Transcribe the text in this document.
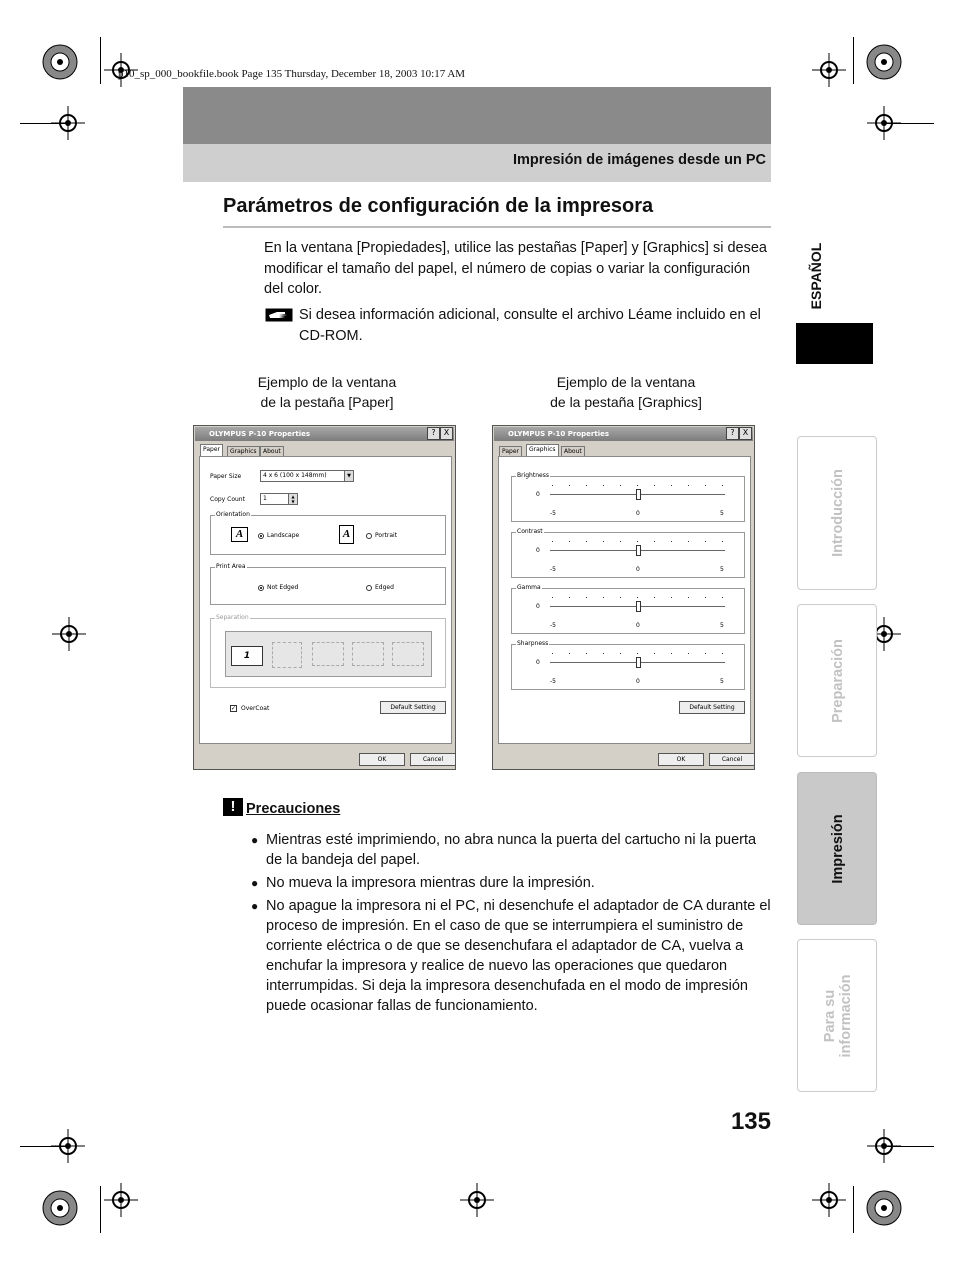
p10_sp_000_bookfile.book Page 135 Thursday, December 18, 2003 10:17 AM
Impresión de imágenes desde un PC
Parámetros de configuración de la impresora
En la ventana [Propiedades], utilice las pestañas [Paper] y [Graphics] si desea modificar el tamaño del papel, el número de copias o variar la configuración del color.
Si desea información adicional, consulte el archivo Léame incluido en el CD-ROM.
Ejemplo de la ventana
de la pestaña [Paper]
Ejemplo de la ventana
de la pestaña [Graphics]
OLYMPUS P-10 Properties	?	X
Paper	Graphics	About
Paper Size	4 x 6 (100 x 148mm)	▼
Copy Count	1	▲
▼
Orientation
A	Landscape	A	Portrait
Print Area
Not Edged	Edged
Separation
1
✓ OverCoat	Default Setting
OK	Cancel
OLYMPUS P-10 Properties	?	X
Paper	Graphics	About
Brightness
0
-5	0	5
Contrast
0
-5	0	5
Gamma
0
-5	0	5
Sharpness
0
-5	0	5
Default Setting
OK	Cancel
! Precauciones
● Mientras esté imprimiendo, no abra nunca la puerta del cartucho ni la puerta de la bandeja del papel.
● No mueva la impresora mientras dure la impresión.
● No apague la impresora ni el PC, ni desenchufe el adaptador de CA durante el proceso de impresión. En el caso de que se interrumpiera el suministro de corriente eléctrica o de que se desenchufara el adaptador de CA, vuelva a enchufar la impresora y realice de nuevo las operaciones que quedaron interrumpidas. Si deja la impresora desenchufada en el modo de impresión puede ocasionar fallas de funcionamiento.
ESPAÑOL
Introducción
Preparación
Impresión
Para su información
135
